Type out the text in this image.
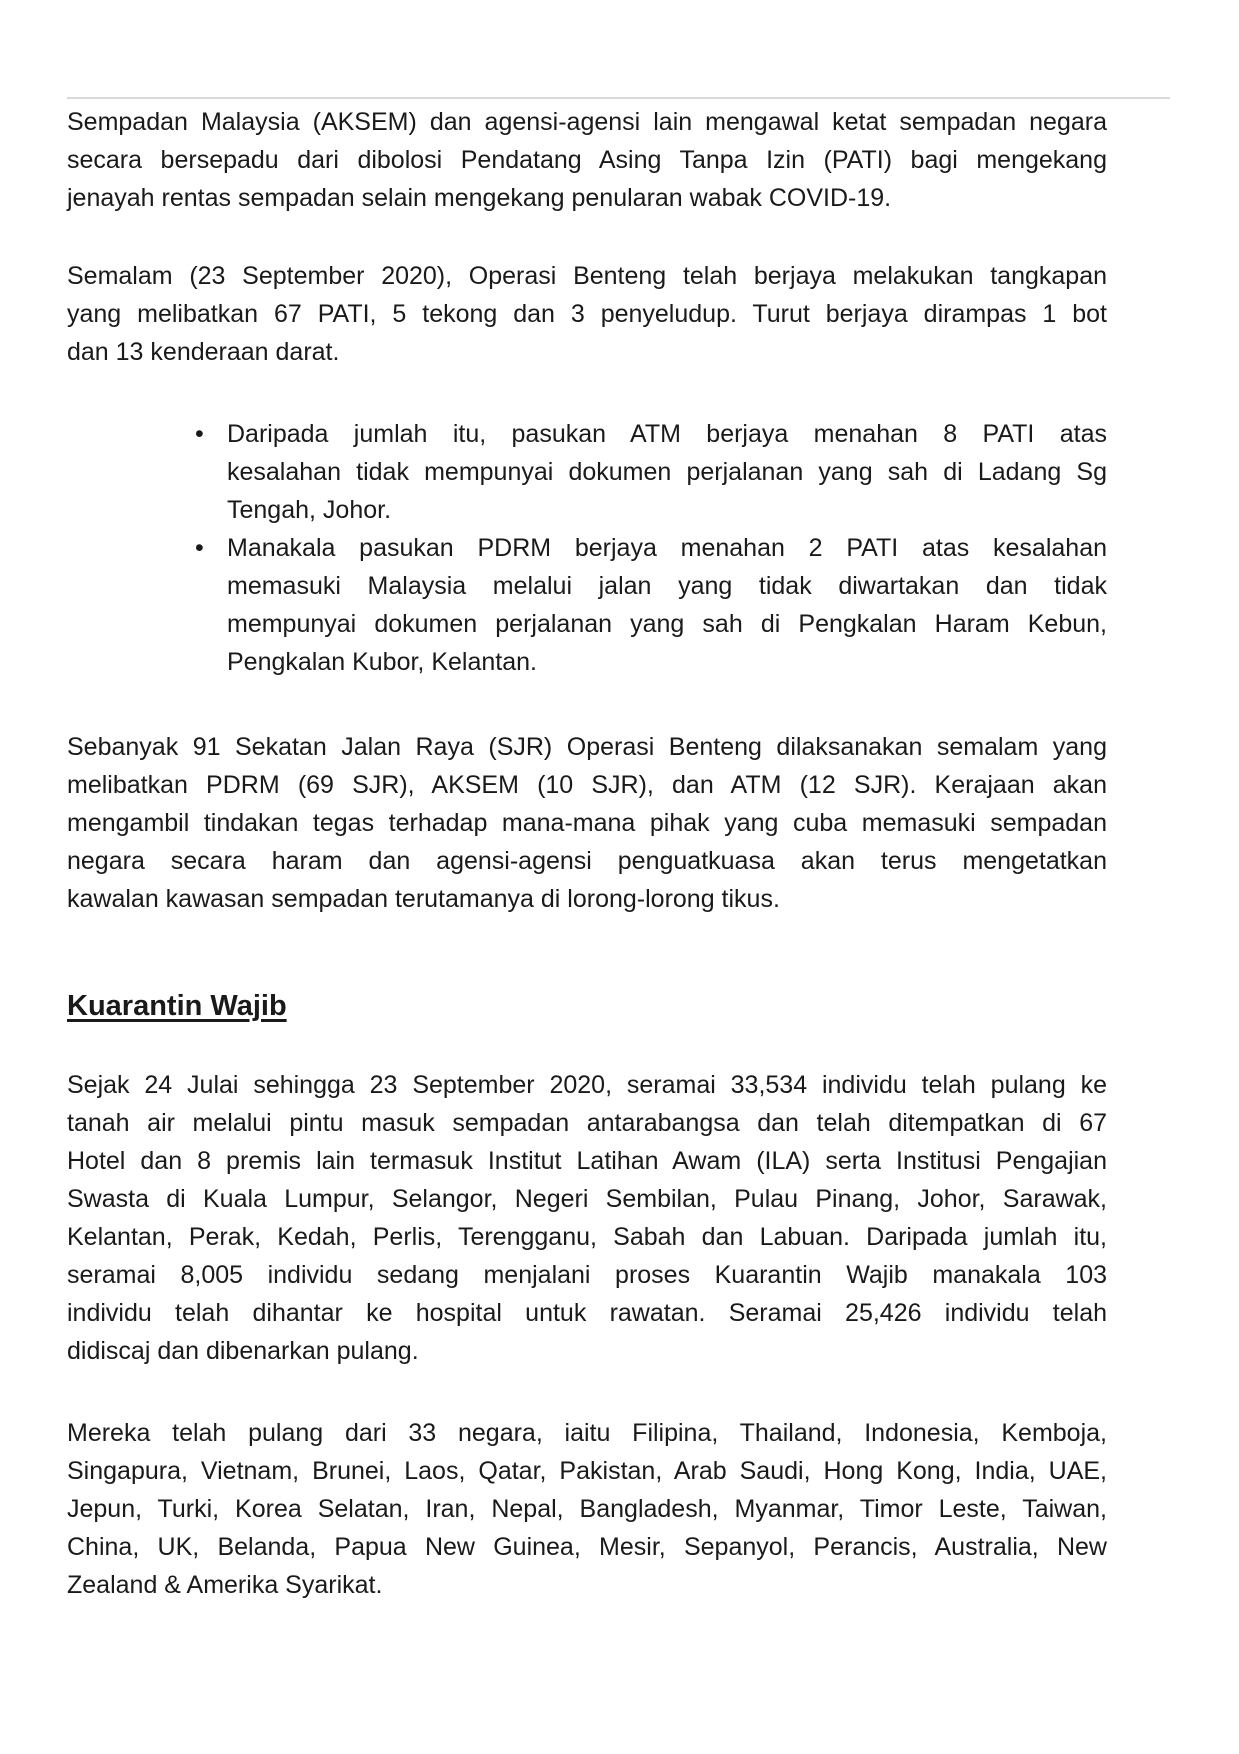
Sempadan Malaysia (AKSEM) dan agensi-agensi lain mengawal ketat sempadan negara
secara bersepadu dari dibolosi Pendatang Asing Tanpa Izin (PATI) bagi mengekang
jenayah rentas sempadan selain mengekang penularan wabak COVID-19.
Semalam (23 September 2020), Operasi Benteng telah berjaya melakukan tangkapan
yang melibatkan 67 PATI, 5 tekong dan 3 penyeludup. Turut berjaya dirampas 1 bot
dan 13 kenderaan darat.
• Daripada jumlah itu, pasukan ATM berjaya menahan 8 PATI atas
kesalahan tidak mempunyai dokumen perjalanan yang sah di Ladang Sg
Tengah, Johor.
• Manakala pasukan PDRM berjaya menahan 2 PATI atas kesalahan
memasuki Malaysia melalui jalan yang tidak diwartakan dan tidak
mempunyai dokumen perjalanan yang sah di Pengkalan Haram Kebun,
Pengkalan Kubor, Kelantan.
Sebanyak 91 Sekatan Jalan Raya (SJR) Operasi Benteng dilaksanakan semalam yang
melibatkan PDRM (69 SJR), AKSEM (10 SJR), dan ATM (12 SJR). Kerajaan akan
mengambil tindakan tegas terhadap mana-mana pihak yang cuba memasuki sempadan
negara secara haram dan agensi-agensi penguatkuasa akan terus mengetatkan
kawalan kawasan sempadan terutamanya di lorong-lorong tikus.
Kuarantin Wajib
Sejak 24 Julai sehingga 23 September 2020, seramai 33,534 individu telah pulang ke
tanah air melalui pintu masuk sempadan antarabangsa dan telah ditempatkan di 67
Hotel dan 8 premis lain termasuk Institut Latihan Awam (ILA) serta Institusi Pengajian
Swasta di Kuala Lumpur, Selangor, Negeri Sembilan, Pulau Pinang, Johor, Sarawak,
Kelantan, Perak, Kedah, Perlis, Terengganu, Sabah dan Labuan. Daripada jumlah itu,
seramai 8,005 individu sedang menjalani proses Kuarantin Wajib manakala 103
individu telah dihantar ke hospital untuk rawatan. Seramai 25,426 individu telah
didiscaj dan dibenarkan pulang.
Mereka telah pulang dari 33 negara, iaitu Filipina, Thailand, Indonesia, Kemboja,
Singapura, Vietnam, Brunei, Laos, Qatar, Pakistan, Arab Saudi, Hong Kong, India, UAE,
Jepun, Turki, Korea Selatan, Iran, Nepal, Bangladesh, Myanmar, Timor Leste, Taiwan,
China, UK, Belanda, Papua New Guinea, Mesir, Sepanyol, Perancis, Australia, New
Zealand & Amerika Syarikat.
